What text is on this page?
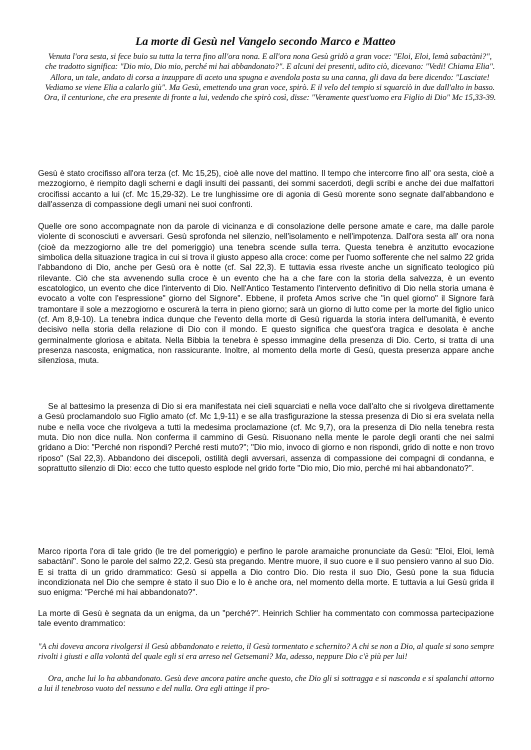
La morte di Gesù nel Vangelo secondo Marco e Matteo

Venuta l'ora sesta, si fece buio su tutta la terra fino all'ora nona. E all'ora nona Gesù gridò a gran voce: "Eloi, Eloi, lemà sabactàni?", che tradotto significa: "Dio mio, Dio mio, perché mi hai abbandonato?". E alcuni dei presenti, udito ciò, dicevano: "Vedi! Chiama Elia". Allora, un tale, andato di corsa a inzuppare di aceto una spugna e avendola posta su una canna, gli dava da bere dicendo: "Lasciate! Vediamo se viene Elia a calarlo giù". Ma Gesù, emettendo una gran voce, spirò. E il velo del tempio si squarciò in due dall'alto in basso. Ora, il centurione, che era presente di fronte a lui, vedendo che spirò così, disse: "Veramente quest'uomo era Figlio di Dio" Mc 15,33-39.

Gesù è stato crocifisso all'ora terza (cf. Mc 15,25), cioè alle nove del mattino. Il tempo che intercorre fino all' ora sesta, cioè a mezzogiorno, è riempito dagli scherni e dagli insulti dei passanti, dei sommi sacerdoti, degli scribi e anche dei due malfattori crocifissi accanto a lui (cf. Mc 15,29-32). Le tre lunghissime ore di agonia di Gesù morente sono segnate dall'abbandono e dall'assenza di compassione degli umani nei suoi confronti.

Quelle ore sono accompagnate non da parole di vicinanza e di consolazione delle persone amate e care, ma dalle parole violente di sconosciuti e avversari. Gesù sprofonda nel silenzio, nell'isolamento e nell'impotenza. Dall'ora sesta all' ora nona (cioè da mezzogiorno alle tre del pomeriggio) una tenebra scende sulla terra. Questa tenebra è anzitutto evocazione simbolica della situazione tragica in cui si trova il giusto appeso alla croce: come per l'uomo sofferente che nel salmo 22 grida l'abbandono di Dio, anche per Gesù ora è notte (cf. Sal 22,3). E tuttavia essa riveste anche un significato teologico più rilevante. Ciò che sta avvenendo sulla croce è un evento che ha a che fare con la storia della salvezza, è un evento escatologico, un evento che dice l'intervento di Dio. Nell'Antico Testamento l'intervento definitivo di Dio nella storia umana è evocato a volte con l'espressione" giorno del Signore". Ebbene, il profeta Amos scrive che "in quel giorno" il Signore farà tramontare il sole a mezzogiorno e oscurerà la terra in pieno giorno; sarà un giorno di lutto come per la morte del figlio unico (cf. Am 8,9-10). La tenebra indica dunque che l'evento della morte di Gesù riguarda la storia intera dell'umanità, è evento decisivo nella storia della relazione di Dio con il mondo. E questo significa che quest'ora tragica e desolata è anche germinalmente gloriosa e abitata. Nella Bibbia la tenebra è spesso immagine della presenza di Dio. Certo, si tratta di una presenza nascosta, enigmatica, non rassicurante. Inoltre, al momento della morte di Gesù, questa presenza appare anche silenziosa, muta.

Se al battesimo la presenza di Dio si era manifestata nei cieli squarciati e nella voce dall'alto che si rivolgeva direttamente a Gesù proclamandolo suo Figlio amato (cf. Mc 1,9-11) e se alla trasfigurazione la stessa presenza di Dio si era svelata nella nube e nella voce che rivolgeva a tutti la medesima proclamazione (cf. Mc 9,7), ora la presenza di Dio nella tenebra resta muta. Dio non dice nulla. Non conferma il cammino di Gesù. Risuonano nella mente le parole degli oranti che nei salmi gridano a Dio: "Perché non rispondi? Perché resti muto?"; "Dio mio, invoco di giorno e non rispondi, grido di notte e non trovo riposo" (Sal 22,3). Abbandono dei discepoli, ostilità degli avversari, assenza di compassione dei compagni di condanna, e soprattutto silenzio di Dio: ecco che tutto questo esplode nel grido forte "Dio mio, Dio mio, perché mi hai abbandonato?".

Marco riporta l'ora di tale grido (le tre del pomeriggio) e perfino le parole aramaiche pronunciate da Gesù: "Eloi, Eloi, lemà sabactàni". Sono le parole del salmo 22,2. Gesù sta pregando. Mentre muore, il suo cuore e il suo pensiero vanno al suo Dio. E si tratta di un grido drammatico: Gesù si appella a Dio contro Dio. Dio resta il suo Dio, Gesù pone la sua fiducia incondizionata nel Dio che sempre è stato il suo Dio e lo è anche ora, nel momento della morte. E tuttavia a lui Gesù grida il suo enigma: "Perché mi hai abbandonato?".

La morte di Gesù è segnata da un enigma, da un "perché?". Heinrich Schlier ha commentato con commossa partecipazione tale evento drammatico:

"A chi doveva ancora rivolgersi il Gesù abbandonato e reietto, il Gesù tormentato e schernito? A chi se non a Dio, al quale si sono sempre rivolti i giusti e alla volontà del quale egli si era arreso nel Getsemani? Ma, adesso, neppure Dio c'è più per lui!

Ora, anche lui lo ha abbandonato. Gesù deve ancora patire anche questo, che Dio gli si sottragga e si nasconda e si spalanchi attorno a lui il tenebroso vuoto del nessuno e del nulla. Ora egli attinge il pro-
